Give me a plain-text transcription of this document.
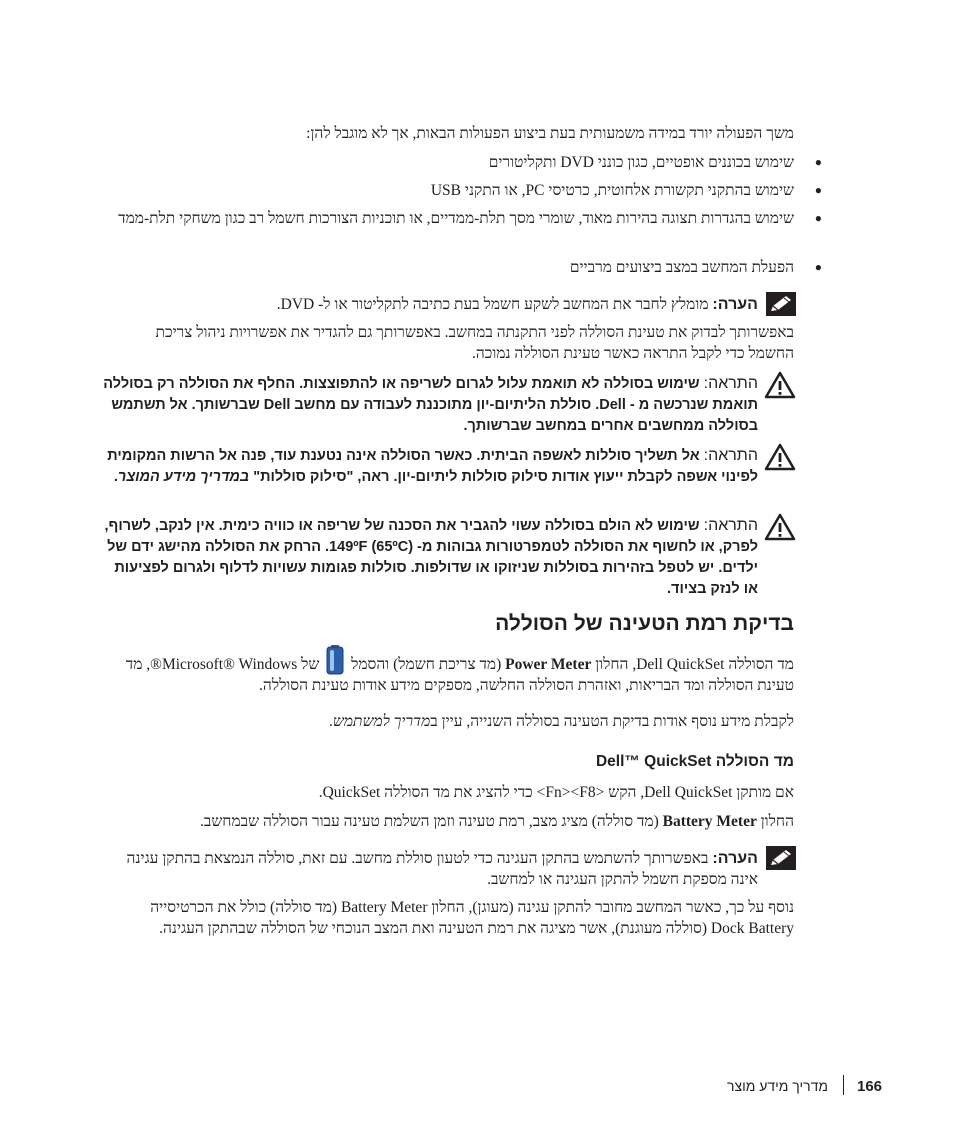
משך הפעולה יורד במידה משמעותית בעת ביצוע הפעולות הבאות, אך לא מוגבל להן:

●
שימוש בכוננים אופטיים, כגון כונני DVD ותקליטורים
●
שימוש בהתקני תקשורת אלחוטית, כרטיסי PC, או התקני USB
●
שימוש בהגדרות תצוגה בהירות מאוד, שומרי מסך תלת-ממדיים, או תוכניות הצורכות חשמל רב כגון משחקי תלת-ממד
●
הפעלת המחשב במצב ביצועים מרביים
הערה: מומלץ לחבר את המחשב לשקע חשמל בעת כתיבה לתקליטור או ל- DVD.

באפשרותך לבדוק את טעינת הסוללה לפני התקנתה במחשב. באפשרותך גם להגדיר את אפשרויות ניהול צריכת החשמל כדי לקבל התראה כאשר טעינת הסוללה נמוכה.

התראה: שימוש בסוללה לא תואמת עלול לגרום לשריפה או להתפוצצות. החלף את הסוללה רק בסוללה תואמת שנרכשה מ - Dell. סוללת הליתיום-יון מתוכננת לעבודה עם מחשב Dell שברשותך. אל תשתמש בסוללה ממחשבים אחרים במחשב שברשותך.
התראה: אל תשליך סוללות לאשפה הביתית. כאשר הסוללה אינה נטענת עוד, פנה אל הרשות המקומית לפינוי אשפה לקבלת ייעוץ אודות סילוק סוללות ליתיום-יון. ראה, "סילוק סוללות" במדריך מידע המוצר.
התראה: שימוש לא הולם בסוללה עשוי להגביר את הסכנה של שריפה או כוויה כימית. אין לנקב, לשרוף, לפרק, או לחשוף את הסוללה לטמפרטורות גבוהות מ- (65ºC) 149ºF. הרחק את הסוללה מהישג ידם של ילדים. יש לטפל בזהירות בסוללות שניזוקו או שדולפות. סוללות פגומות עשויות לדלוף ולגרום לפציעות או לנזק בציוד.
בדיקת רמת הטעינה של הסוללה
מד הסוללה Dell QuickSet, החלון Power Meter (מד צריכת חשמל) והסמל  של Microsoft® Windows®, מד טעינת הסוללה ומד הבריאות, ואזהרת הסוללה החלשה, מספקים מידע אודות טעינת הסוללה.
לקבלת מידע נוסף אודות בדיקת הטעינה בסוללה השנייה, עיין במדריך למשתמש.
מד הסוללה Dell™ QuickSet

אם מותקן Dell QuickSet, הקש <Fn><F8> כדי להציג את מד הסוללה QuickSet.

החלון Battery Meter (מד סוללה) מציג מצב, רמת טעינה וזמן השלמת טעינה עבור הסוללה שבמחשב.
הערה: באפשרותך להשתמש בהתקן העגינה כדי לטעון סוללת מחשב. עם זאת, סוללה הנמצאת בהתקן עגינה אינה מספקת חשמל להתקן העגינה או למחשב.

נוסף על כך, כאשר המחשב מחובר להתקן עגינה (מעוגן), החלון Battery Meter (מד סוללה) כולל את הכרטיסייה Dock Battery (סוללה מעוגנת), אשר מציגה את רמת הטעינה ואת המצב הנוכחי של הסוללה שבהתקן העגינה.

מדריך מידע מוצר 166
